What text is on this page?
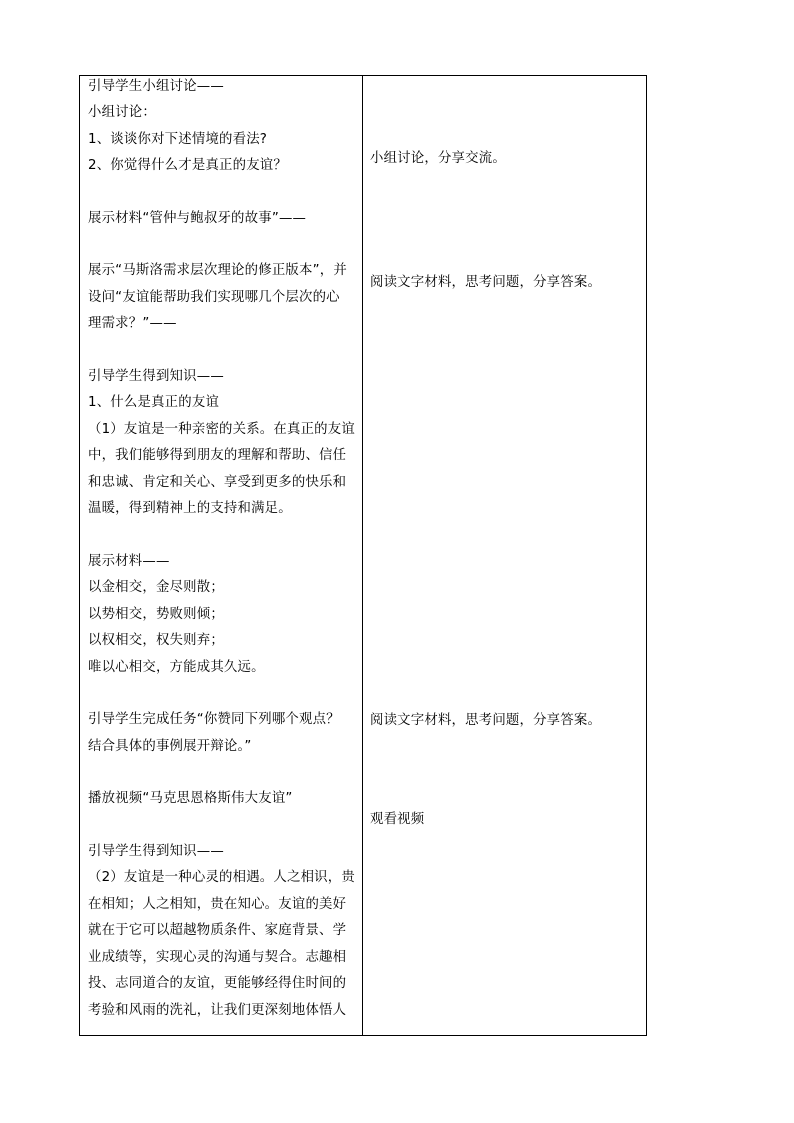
引导学生小组讨论——
小组讨论：
1、谈谈你对下述情境的看法?
2、你觉得什么才是真正的友谊？
展示材料“管仲与鲍叔牙的故事”——
展示“马斯洛需求层次理论的修正版本”，并
设问“友谊能帮助我们实现哪几个层次的心
理需求？”——
引导学生得到知识——
1、什么是真正的友谊
（1）友谊是一种亲密的关系。在真正的友谊
中，我们能够得到朋友的理解和帮助、信任
和忠诚、肯定和关心、享受到更多的快乐和
温暖，得到精神上的支持和满足。
展示材料——
以金相交，金尽则散；
以势相交，势败则倾；
以权相交，权失则弃；
唯以心相交，方能成其久远。
引导学生完成任务“你赞同下列哪个观点？
结合具体的事例展开辩论。”
播放视频“马克思恩格斯伟大友谊”
引导学生得到知识——
（2）友谊是一种心灵的相遇。人之相识，贵
在相知；人之相知，贵在知心。友谊的美好
就在于它可以超越物质条件、家庭背景、学
业成绩等，实现心灵的沟通与契合。志趣相
投、志同道合的友谊，更能够经得住时间的
考验和风雨的洗礼，让我们更深刻地体悟人
小组讨论，分享交流。
阅读文字材料，思考问题，分享答案。
阅读文字材料，思考问题，分享答案。
观看视频
